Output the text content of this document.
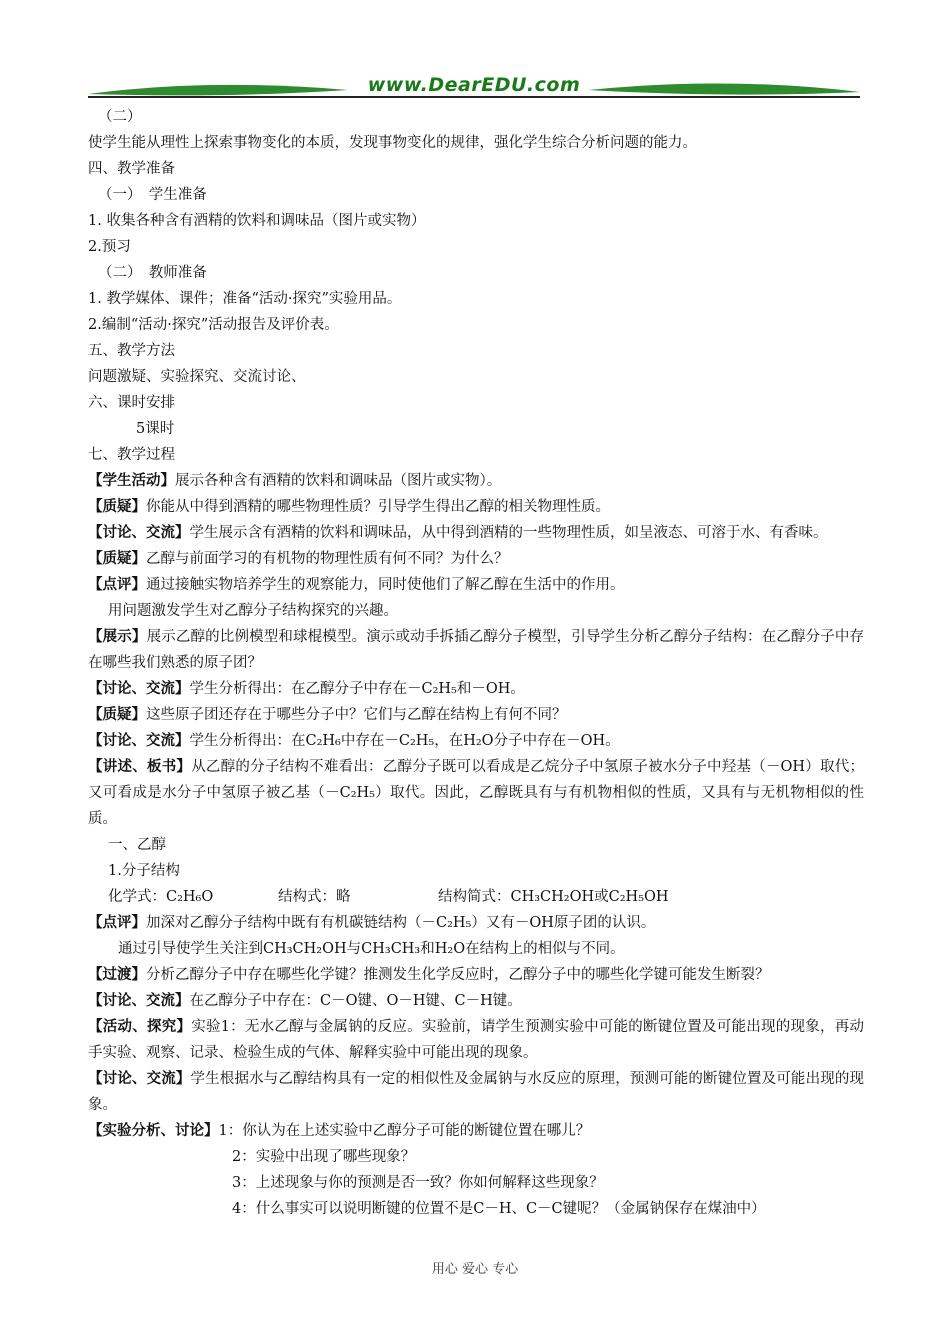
www.DearEDU.com
（二）
使学生能从理性上探索事物变化的本质，发现事物变化的规律，强化学生综合分析问题的能力。
四、教学准备
（一）　学生准备
1. 收集各种含有酒精的饮料和调味品（图片或实物）
2.预习
（二）　教师准备
1. 教学媒体、课件；准备“活动·探究”实验用品。
2.编制“活动·探究”活动报告及评价表。
五、教学方法
问题激疑、实验探究、交流讨论、
六、课时安排
5课时
七、教学过程
【学生活动】展示各种含有酒精的饮料和调味品（图片或实物）。
【质疑】你能从中得到酒精的哪些物理性质？引导学生得出乙醇的相关物理性质。
【讨论、交流】学生展示含有酒精的饮料和调味品，从中得到酒精的一些物理性质，如呈液态、可溶于水、有香味。
【质疑】乙醇与前面学习的有机物的物理性质有何不同？为什么？
【点评】通过接触实物培养学生的观察能力，同时使他们了解乙醇在生活中的作用。
用问题激发学生对乙醇分子结构探究的兴趣。
【展示】展示乙醇的比例模型和球棍模型。演示或动手拆插乙醇分子模型，引导学生分析乙醇分子结构：在乙醇分子中存在哪些我们熟悉的原子团？
【讨论、交流】学生分析得出：在乙醇分子中存在－C₂H₅和－OH。
【质疑】这些原子团还存在于哪些分子中？它们与乙醇在结构上有何不同？
【讨论、交流】学生分析得出：在C₂H₆中存在－C₂H₅，在H₂O分子中存在－OH。
【讲述、板书】从乙醇的分子结构不难看出：乙醇分子既可以看成是乙烷分子中氢原子被水分子中羟基（－OH）取代；又可看成是水分子中氢原子被乙基（－C₂H₅）取代。因此，乙醇既具有与有机物相似的性质，又具有与无机物相似的性质。
一、乙醇
1.分子结构
化学式：C₂H₆O	结构式：略	结构简式：CH₃CH₂OH或C₂H₅OH
【点评】加深对乙醇分子结构中既有有机碳链结构（－C₂H₅）又有－OH原子团的认识。
通过引导使学生关注到CH₃CH₂OH与CH₃CH₃和H₂O在结构上的相似与不同。
【过渡】分析乙醇分子中存在哪些化学键？推测发生化学反应时，乙醇分子中的哪些化学键可能发生断裂？
【讨论、交流】在乙醇分子中存在：C－O键、O－H键、C－H键。
【活动、探究】实验1：无水乙醇与金属钠的反应。实验前，请学生预测实验中可能的断键位置及可能出现的现象，再动手实验、观察、记录、检验生成的气体、解释实验中可能出现的现象。
【讨论、交流】学生根据水与乙醇结构具有一定的相似性及金属钠与水反应的原理，预测可能的断键位置及可能出现的现象。
【实验分析、讨论】1：你认为在上述实验中乙醇分子可能的断键位置在哪儿？
2：实验中出现了哪些现象？
3：上述现象与你的预测是否一致？你如何解释这些现象？
4：什么事实可以说明断键的位置不是C－H、C－C键呢？（金属钠保存在煤油中）
用心 爱心 专心
